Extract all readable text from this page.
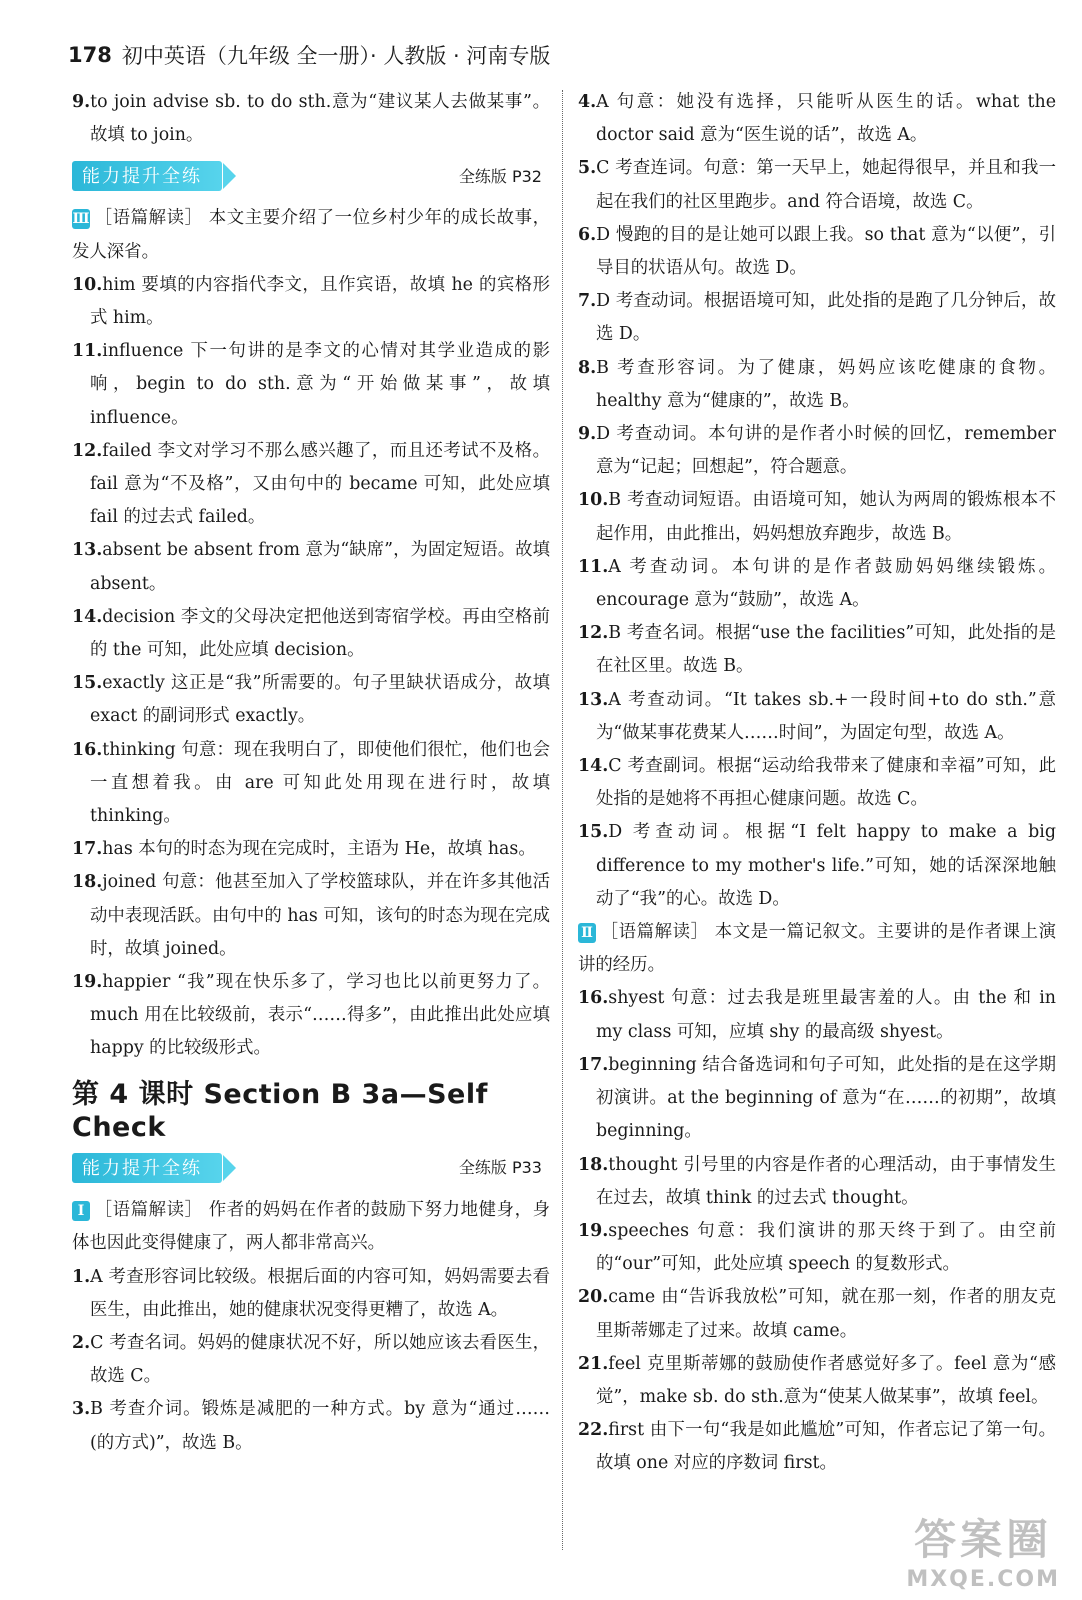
178 初中英语（九年级 全一册）· 人教版 · 河南专版
9.to join advise sb. to do sth.意为“建议某人去做某事”。故填 to join。
能力提升全练	全练版 P32
Ⅲ ［语篇解读］ 本文主要介绍了一位乡村少年的成长故事，发人深省。
10.him 要填的内容指代李文，且作宾语，故填 he 的宾格形式 him。
11.influence 下一句讲的是李文的心情对其学业造成的影响，begin to do sth.意为“开始做某事”，故填 influence。
12.failed 李文对学习不那么感兴趣了，而且还考试不及格。fail 意为“不及格”，又由句中的 became 可知，此处应填 fail 的过去式 failed。
13.absent be absent from 意为“缺席”，为固定短语。故填 absent。
14.decision 李文的父母决定把他送到寄宿学校。再由空格前的 the 可知，此处应填 decision。
15.exactly 这正是“我”所需要的。句子里缺状语成分，故填 exact 的副词形式 exactly。
16.thinking 句意：现在我明白了，即使他们很忙，他们也会一直想着我。由 are 可知此处用现在进行时，故填 thinking。
17.has 本句的时态为现在完成时，主语为 He，故填 has。
18.joined 句意：他甚至加入了学校篮球队，并在许多其他活动中表现活跃。由句中的 has 可知，该句的时态为现在完成时，故填 joined。
19.happier “我”现在快乐多了，学习也比以前更努力了。much 用在比较级前，表示“……得多”，由此推出此处应填 happy 的比较级形式。
第 4 课时 Section B 3a—Self Check
能力提升全练	全练版 P33
Ⅰ ［语篇解读］ 作者的妈妈在作者的鼓励下努力地健身，身体也因此变得健康了，两人都非常高兴。
1.A 考查形容词比较级。根据后面的内容可知，妈妈需要去看医生，由此推出，她的健康状况变得更糟了，故选 A。
2.C 考查名词。妈妈的健康状况不好，所以她应该去看医生，故选 C。
3.B 考查介词。锻炼是减肥的一种方式。by 意为“通过……(的方式)”，故选 B。
4.A 句意：她没有选择，只能听从医生的话。what the doctor said 意为“医生说的话”，故选 A。
5.C 考查连词。句意：第一天早上，她起得很早，并且和我一起在我们的社区里跑步。and 符合语境，故选 C。
6.D 慢跑的目的是让她可以跟上我。so that 意为“以便”，引导目的状语从句。故选 D。
7.D 考查动词。根据语境可知，此处指的是跑了几分钟后，故选 D。
8.B 考查形容词。为了健康，妈妈应该吃健康的食物。healthy 意为“健康的”，故选 B。
9.D 考查动词。本句讲的是作者小时候的回忆，remember 意为“记起；回想起”，符合题意。
10.B 考查动词短语。由语境可知，她认为两周的锻炼根本不起作用，由此推出，妈妈想放弃跑步，故选 B。
11.A 考查动词。本句讲的是作者鼓励妈妈继续锻炼。encourage 意为“鼓励”，故选 A。
12.B 考查名词。根据“use the facilities”可知，此处指的是在社区里。故选 B。
13.A 考查动词。“It takes sb.+一段时间+to do sth.”意为“做某事花费某人……时间”，为固定句型，故选 A。
14.C 考查副词。根据“运动给我带来了健康和幸福”可知，此处指的是她将不再担心健康问题。故选 C。
15.D 考查动词。根据“I felt happy to make a big difference to my mother's life.”可知，她的话深深地触动了“我”的心。故选 D。
Ⅱ ［语篇解读］ 本文是一篇记叙文。主要讲的是作者课上演讲的经历。
16.shyest 句意：过去我是班里最害羞的人。由 the 和 in my class 可知，应填 shy 的最高级 shyest。
17.beginning 结合备选词和句子可知，此处指的是在这学期初演讲。at the beginning of 意为“在……的初期”，故填 beginning。
18.thought 引号里的内容是作者的心理活动，由于事情发生在过去，故填 think 的过去式 thought。
19.speeches 句意：我们演讲的那天终于到了。由空前的“our”可知，此处应填 speech 的复数形式。
20.came 由“告诉我放松”可知，就在那一刻，作者的朋友克里斯蒂娜走了过来。故填 came。
21.feel 克里斯蒂娜的鼓励使作者感觉好多了。feel 意为“感觉”，make sb. do sth.意为“使某人做某事”，故填 feel。
22.first 由下一句“我是如此尴尬”可知，作者忘记了第一句。故填 one 对应的序数词 first。
答案圈
MXQE.COM
